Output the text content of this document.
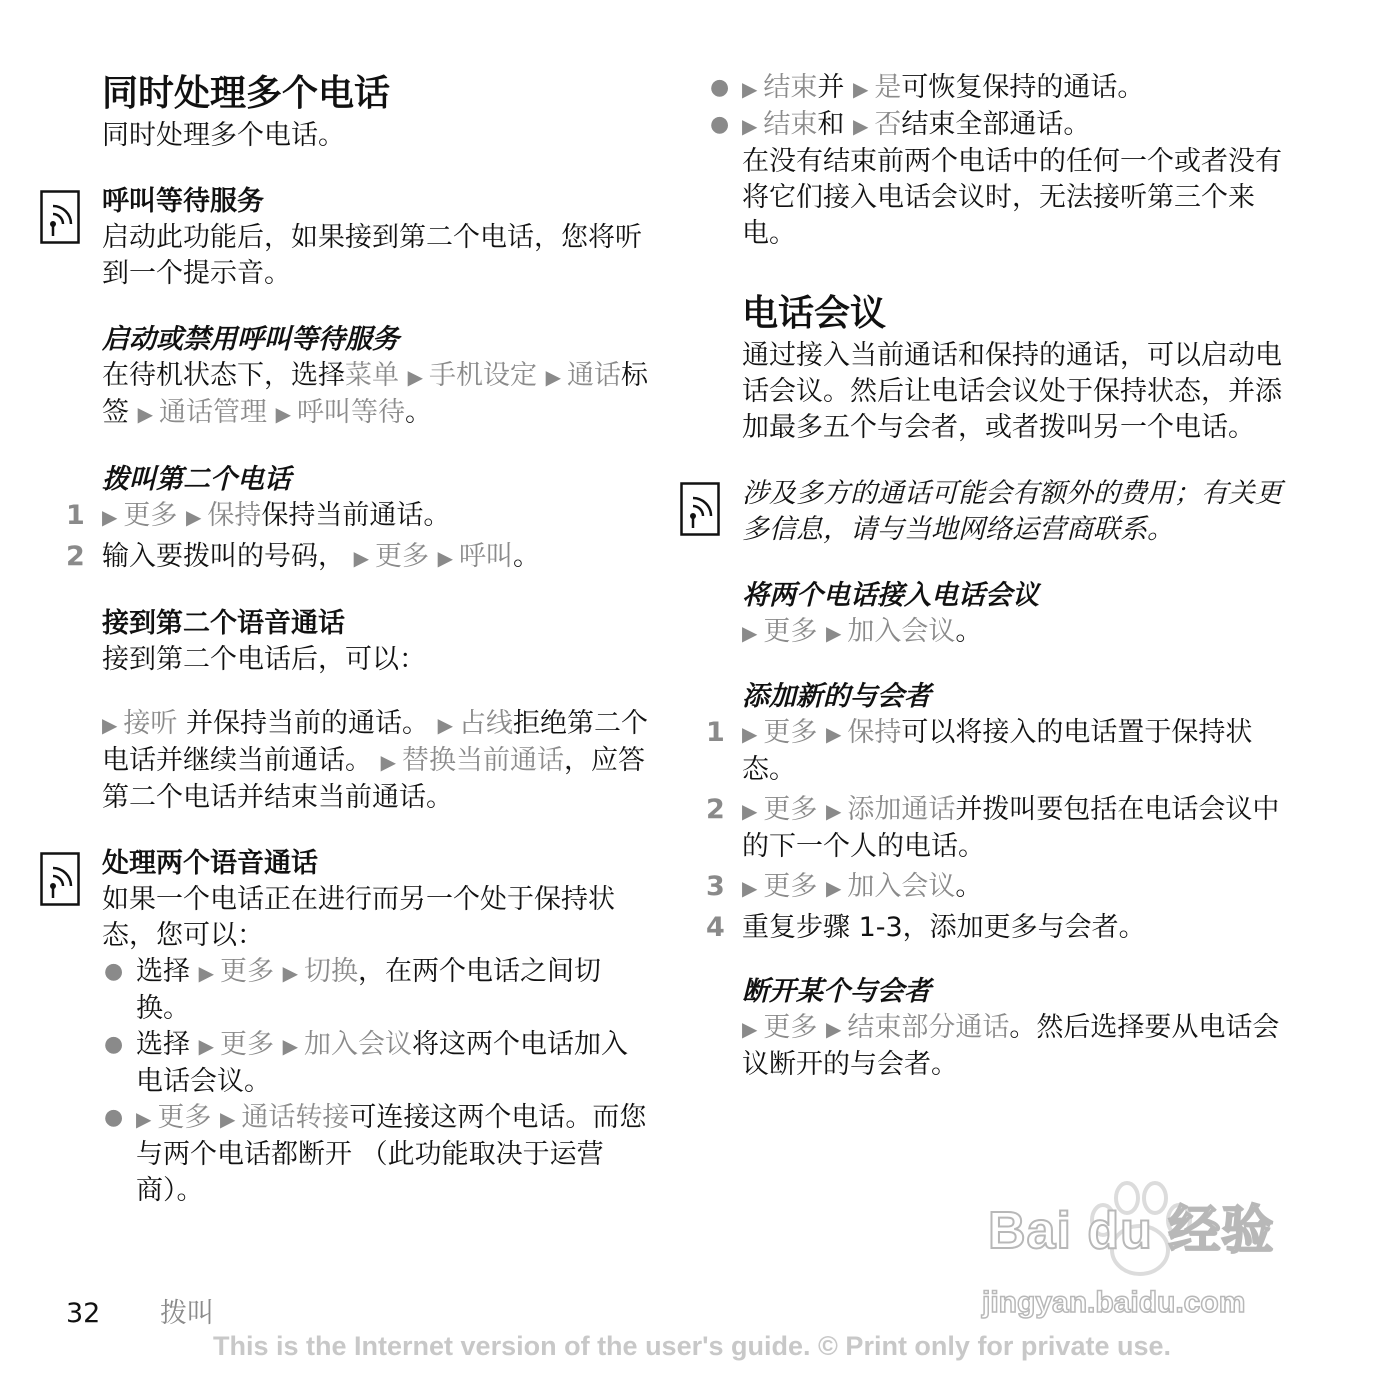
同时处理多个电话

同时处理多个电话。

呼叫等待服务

启动此功能后，如果接到第二个电话，您将听到一个提示音。

启动或禁用呼叫等待服务

在待机状态下，选择菜单 ▶ 手机设定 ▶ 通话标签 ▶ 通话管理 ▶ 呼叫等待。

拨叫第二个电话
1 ▶ 更多 ▶ 保持保持当前通话。
2 输入要拨叫的号码， ▶ 更多 ▶ 呼叫。
接到第二个语音通话

接到第二个电话后，可以：

▶ 接听 并保持当前的通话。 ▶ 占线拒绝第二个电话并继续当前通话。 ▶ 替换当前通话，应答第二个电话并结束当前通话。

处理两个语音通话

如果一个电话正在进行而另一个处于保持状态，您可以：

● 选择 ▶ 更多 ▶ 切换，在两个电话之间切换。
● 选择 ▶ 更多 ▶ 加入会议将这两个电话加入电话会议。
● ▶ 更多 ▶ 通话转接可连接这两个电话。而您与两个电话都断开 （此功能取决于运营商）。
● ▶ 结束并 ▶ 是可恢复保持的通话。
● ▶ 结束和 ▶ 否结束全部通话。

在没有结束前两个电话中的任何一个或者没有将它们接入电话会议时，无法接听第三个来电。

电话会议

通过接入当前通话和保持的通话，可以启动电话会议。然后让电话会议处于保持状态，并添加最多五个与会者，或者拨叫另一个电话。

涉及多方的通话可能会有额外的费用；有关更多信息，请与当地网络运营商联系。

将两个电话接入电话会议

▶ 更多 ▶ 加入会议。

添加新的与会者
1 ▶ 更多 ▶ 保持可以将接入的电话置于保持状态。
2 ▶ 更多 ▶ 添加通话并拨叫要包括在电话会议中的下一个人的电话。
3 ▶ 更多 ▶ 加入会议。
4 重复步骤 1-3，添加更多与会者。
断开某个与会者

▶ 更多 ▶ 结束部分通话。然后选择要从电话会议断开的与会者。

Bai du 经验
jingyan.baidu.com
32 拨叫
This is the Internet version of the user's guide. © Print only for private use.
